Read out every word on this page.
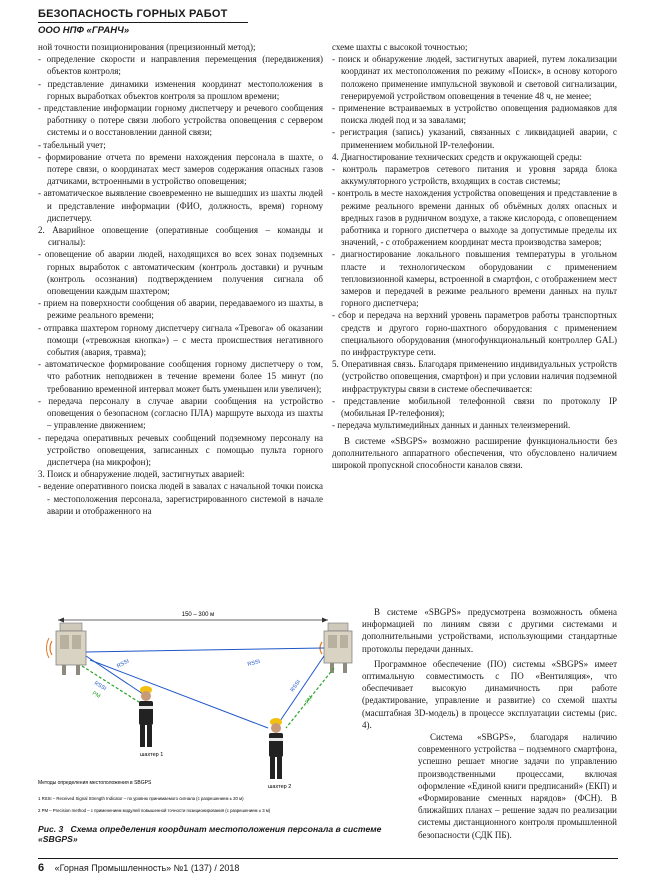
БЕЗОПАСНОСТЬ ГОРНЫХ РАБОТ
ООО НПФ «ГРАНЧ»

ной точности позиционирования (прецизионный метод);

- определение скорости и направления перемещения (передвижения) объектов контроля;

- представление динамики изменения координат местоположения в горных выработках объектов контроля за прошлом времени;

- представление информации горному диспетчеру и речевого сообщения работнику о потере связи любого устройства оповещения с сервером системы и о восстановлении данной связи;

- табельный учет;

- формирование отчета по времени нахождения персонала в шахте, о потере связи, о координатах мест замеров содержания опасных газов датчиками, встроенными в устройство оповещения;

- автоматическое выявление своевременно не вышедших из шахты людей и представление информации (ФИО, должность, время) горному диспетчеру.

2. Аварийное оповещение (оперативные сообщения – команды и сигналы):

- оповещение об аварии людей, находящихся во всех зонах подземных горных выработок с автоматическим (контроль доставки) и ручным (контроль осознания) подтверждением получения сигнала об оповещении каждым шахтером;

- прием на поверхности сообщения об аварии, передаваемого из шахты, в режиме реального времени;

- отправка шахтером горному диспетчеру сигнала «Тревога» об оказании помощи («тревожная кнопка») – с места происшествия негативного события (авария, травма);

- автоматическое формирование сообщения горному диспетчеру о том, что работник неподвижен в течение времени более 15 минут (по требованию временной интервал может быть уменьшен или увеличен);

- передача персоналу в случае аварии сообщения на устройство оповещения о безопасном (согласно ПЛА) маршруте выхода из шахты – управление движением;

- передача оперативных речевых сообщений подземному персоналу на устройство оповещения, записанных с помощью пульта горного диспетчера (на микрофон);

3. Поиск и обнаружение людей, застигнутых аварией:

- ведение оперативного поиска людей в завалах с начальной точки поиска - местоположения персонала, зарегистрированного системой в начале аварии и отображенного на

схеме шахты с высокой точностью;

- поиск и обнаружение людей, застигнутых аварией, путем локализации координат их местоположения по режиму «Поиск», в основу которого положено применение импульсной звуковой и световой сигнализации, генерируемой устройством оповещения в течение 48 ч, не менее;

- применение встраиваемых в устройство оповещения радиомаяков для поиска людей под и за завалами;

- регистрация (запись) указаний, связанных с ликвидацией аварии, с применением мобильной IP-телефонии.

4. Диагностирование технических средств и окружающей среды:

- контроль параметров сетевого питания и уровня заряда блока аккумуляторного устройств, входящих в состав системы;

- контроль в месте нахождения устройства оповещения и представление в режиме реального времени данных об объёмных долях опасных и вредных газов в рудничном воздухе, а также кислорода, с оповещением работника и горного диспетчера о выходе за допустимые пределы их значений, - с отображением координат места производства замеров;

- диагностирование локального повышения температуры в угольном пласте и технологическом оборудовании с применением тепловизионной камеры, встроенной в смартфон, с отображением мест замеров и передачей в режиме реального времени данных на пульт горного диспетчера;

- сбор и передача на верхний уровень параметров работы транспортных средств и другого горно-шахтного оборудования с применением специального оборудования (многофункциональный контроллер GAL) по инфраструктуре сети.

5. Оперативная связь. Благодаря применению индивидуальных устройств (устройство оповещения, смартфон) и при условии наличия подземной инфраструктуры связи в системе обеспечивается:

- представление мобильной телефонной связи по протоколу IP (мобильная IP-телефония);

- передача мультимедийных данных и данных телеизмерений.

В системе «SBGPS» возможно расширение функциональности без дополнительного аппаратного обеспечения, что обусловлено наличием широкой пропускной способности каналов связи.

В системе «SBGPS» предусмотрена возможность обмена информацией по линиям связи с другими системами и дополнительными устройствами, использующими стандартные протоколы передачи данных.

Программное обеспечение (ПО) системы «SBGPS» имеет оптимальную совместимость с ПО «Вентиляция», что обеспечивает высокую динамичность при работе (редактирование, управление и развитие) со схемой шахты (масштабная 3D-модель) в процессе эксплуатации системы (рис. 4).

Система «SBGPS», благодаря наличию современного устройства – подземного смартфона, успешно решает многие задачи по управлению производственными процессами, включая оформление «Единой книги предписаний» (ЕКП) и «Формирование сменных нарядов» (ФСН). В ближайших планах – решение задач по реализации системы дистанционного контроля промышленной безопасности (СДК ПБ).

150 – 300 м
RSSI	RSSI
RSSI	RSSI
PM	PM
шахтер 1
шахтер 2
Методы определения местоположения в SBGPS
1 RSSI – Received Signal Strength Indicator – по уровню принимаемого сигнала (с разрешением ± 20 м)
2 PM – Precision method – с применением модулей повышенной точности позиционирования (с разрешением ± 3 м)
Рис. 3 Схема определения координат местоположения персонала в системе «SBGPS»
6 «Горная Промышленность» №1 (137) / 2018
